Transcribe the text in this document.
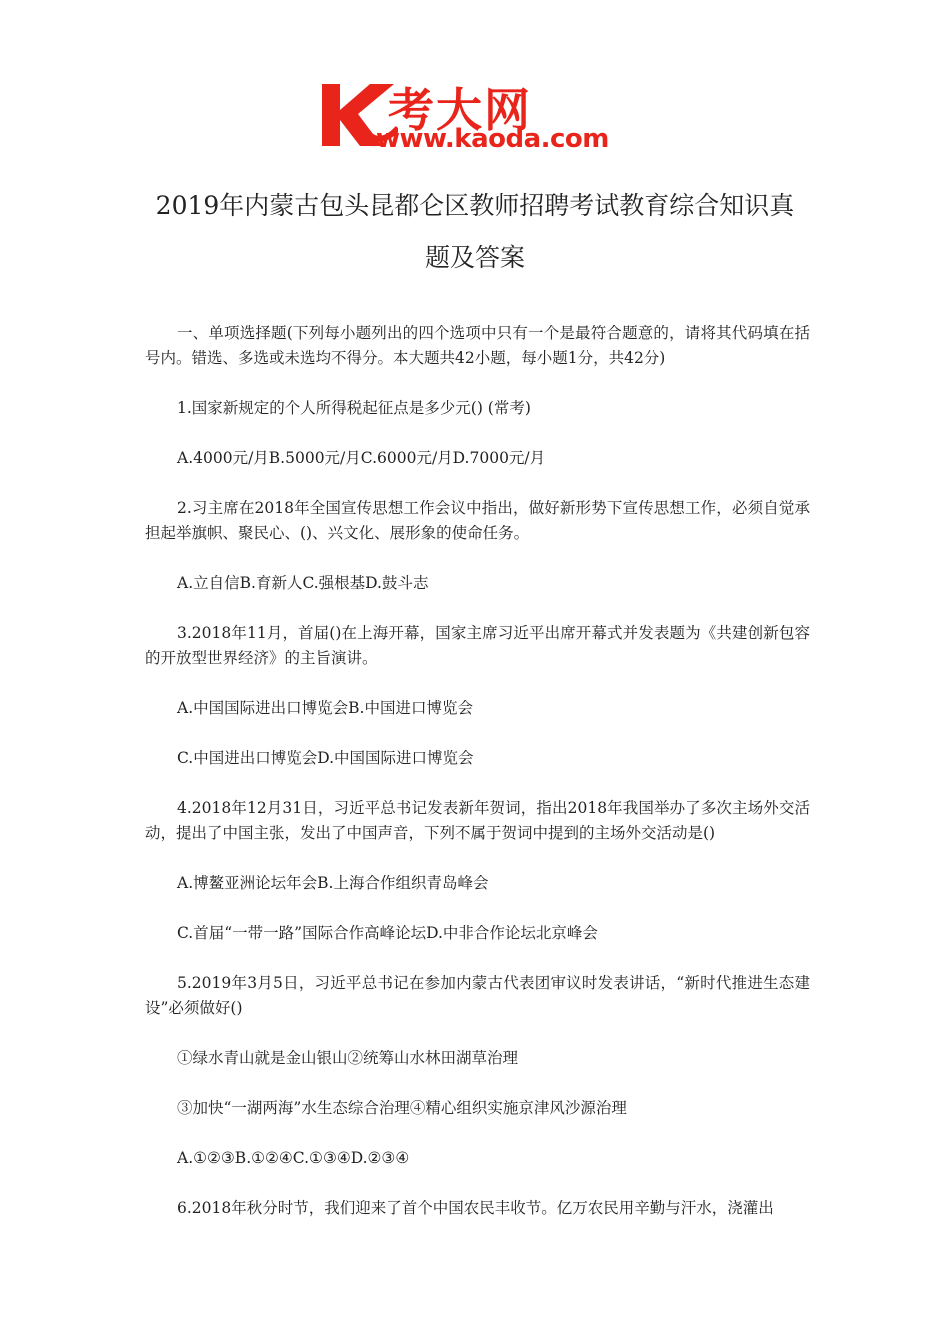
考大网
www.kaoda.com
2019年内蒙古包头昆都仑区教师招聘考试教育综合知识真题及答案

一、单项选择题(下列每小题列出的四个选项中只有一个是最符合题意的，请将其代码填在括号内。错选、多选或未选均不得分。本大题共42小题，每小题1分，共42分)

1.国家新规定的个人所得税起征点是多少元() (常考)

A.4000元/月B.5000元/月C.6000元/月D.7000元/月

2.习主席在2018年全国宣传思想工作会议中指出，做好新形势下宣传思想工作，必须自觉承担起举旗帜、聚民心、()、兴文化、展形象的使命任务。

A.立自信B.育新人C.强根基D.鼓斗志

3.2018年11月，首届()在上海开幕，国家主席习近平出席开幕式并发表题为《共建创新包容的开放型世界经济》的主旨演讲。

A.中国国际进出口博览会B.中国进口博览会

C.中国进出口博览会D.中国国际进口博览会

4.2018年12月31日，习近平总书记发表新年贺词，指出2018年我国举办了多次主场外交活动，提出了中国主张，发出了中国声音，下列不属于贺词中提到的主场外交活动是()

A.博鳌亚洲论坛年会B.上海合作组织青岛峰会

C.首届“一带一路”国际合作高峰论坛D.中非合作论坛北京峰会

5.2019年3月5日，习近平总书记在参加内蒙古代表团审议时发表讲话，“新时代推进生态建设”必须做好()

①绿水青山就是金山银山②统筹山水林田湖草治理

③加快“一湖两海”水生态综合治理④精心组织实施京津风沙源治理

A.①②③B.①②④C.①③④D.②③④

6.2018年秋分时节，我们迎来了首个中国农民丰收节。亿万农民用辛勤与汗水，浇灌出
